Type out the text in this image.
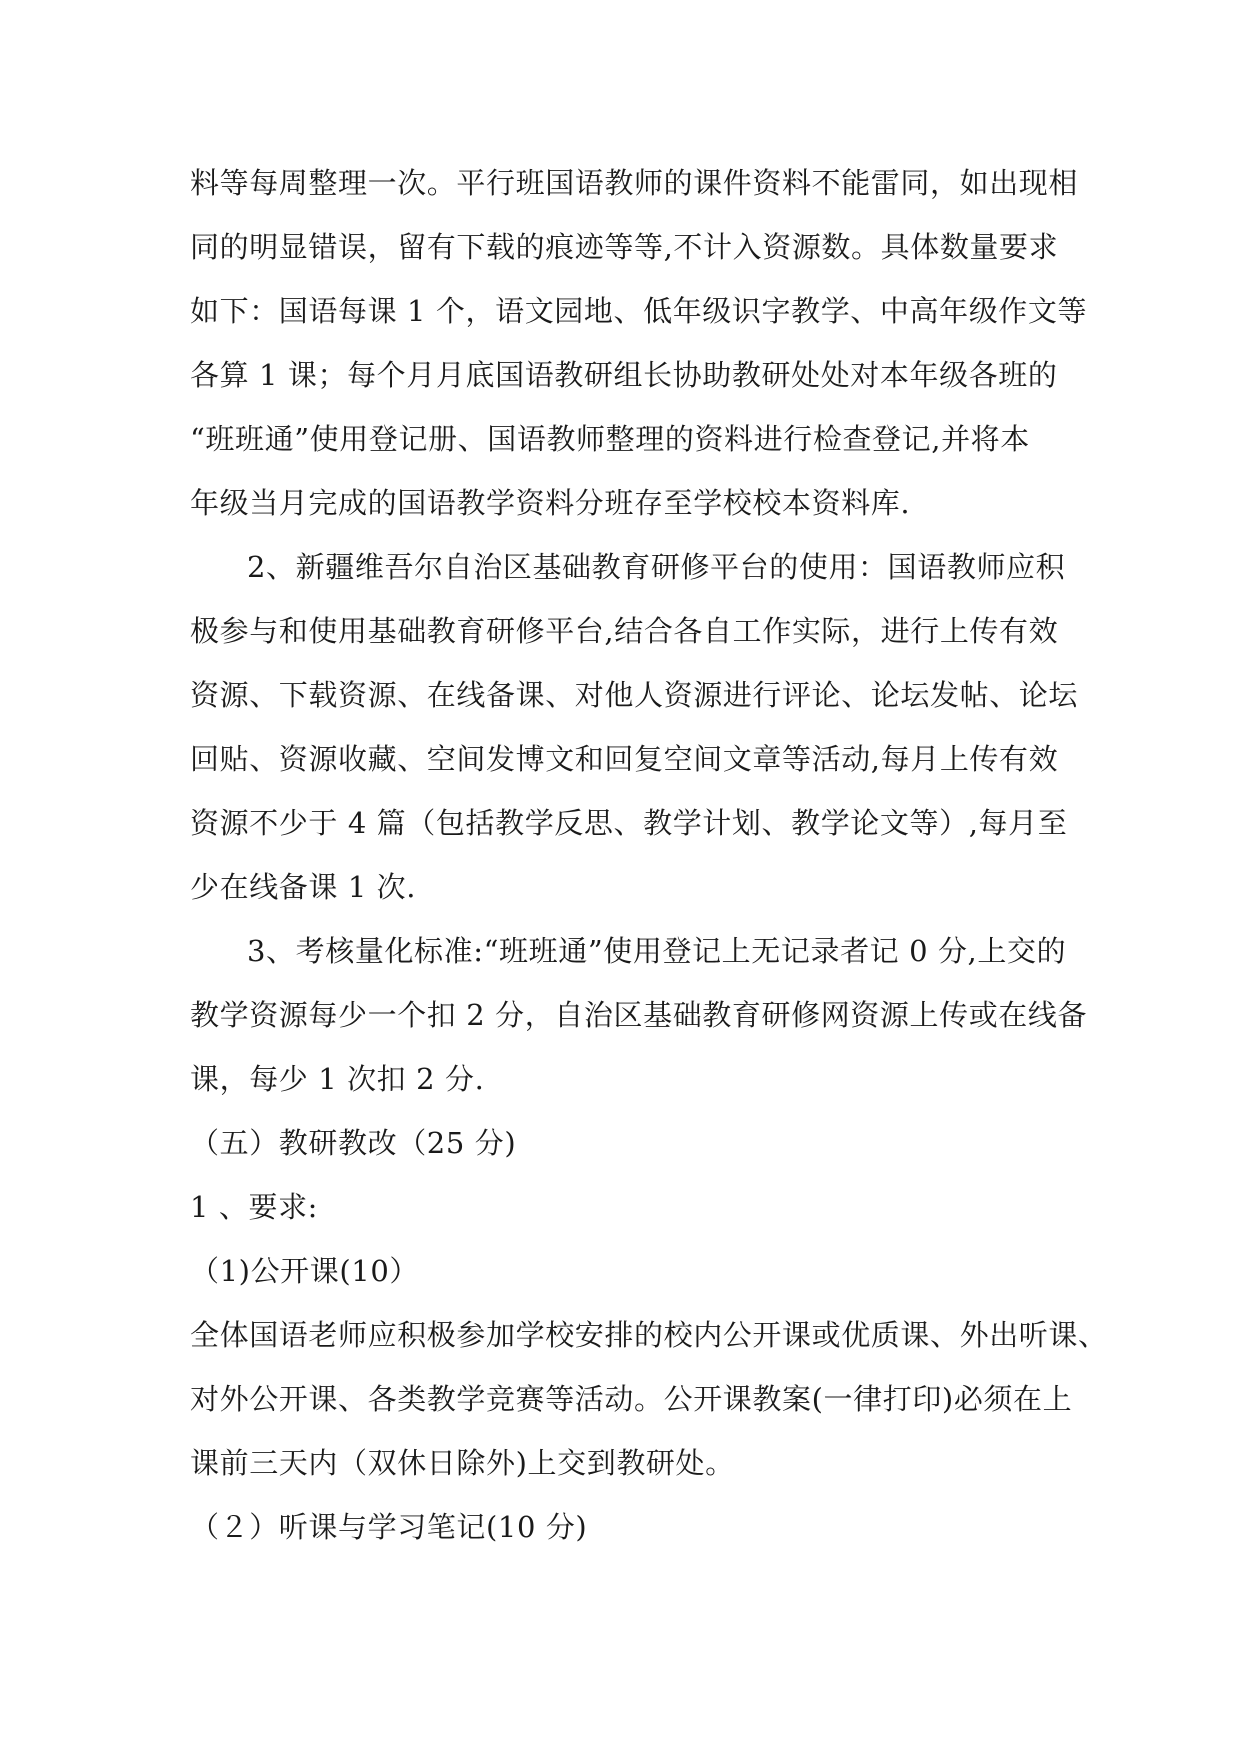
料等每周整理一次。平行班国语教师的课件资料不能雷同，如出现相
同的明显错误，留有下载的痕迹等等,不计入资源数。具体数量要求
如下：国语每课 1 个，语文园地、低年级识字教学、中高年级作文等
各算 1 课；每个月月底国语教研组长协助教研处处对本年级各班的
“班班通”使用登记册、国语教师整理的资料进行检查登记,并将本
年级当月完成的国语教学资料分班存至学校校本资料库.
2、新疆维吾尔自治区基础教育研修平台的使用：国语教师应积
极参与和使用基础教育研修平台,结合各自工作实际，进行上传有效
资源、下载资源、在线备课、对他人资源进行评论、论坛发帖、论坛
回贴、资源收藏、空间发博文和回复空间文章等活动,每月上传有效
资源不少于 4 篇（包括教学反思、教学计划、教学论文等）,每月至
少在线备课 1 次.
3、考核量化标准:“班班通”使用登记上无记录者记 0 分,上交的
教学资源每少一个扣 2 分，自治区基础教育研修网资源上传或在线备
课，每少 1 次扣 2 分.
（五）教研教改（25 分)
1 、要求:
（1)公开课(10）
全体国语老师应积极参加学校安排的校内公开课或优质课、外出听课、
对外公开课、各类教学竞赛等活动。公开课教案(一律打印)必须在上
课前三天内（双休日除外)上交到教研处。
（２）听课与学习笔记(10 分)
